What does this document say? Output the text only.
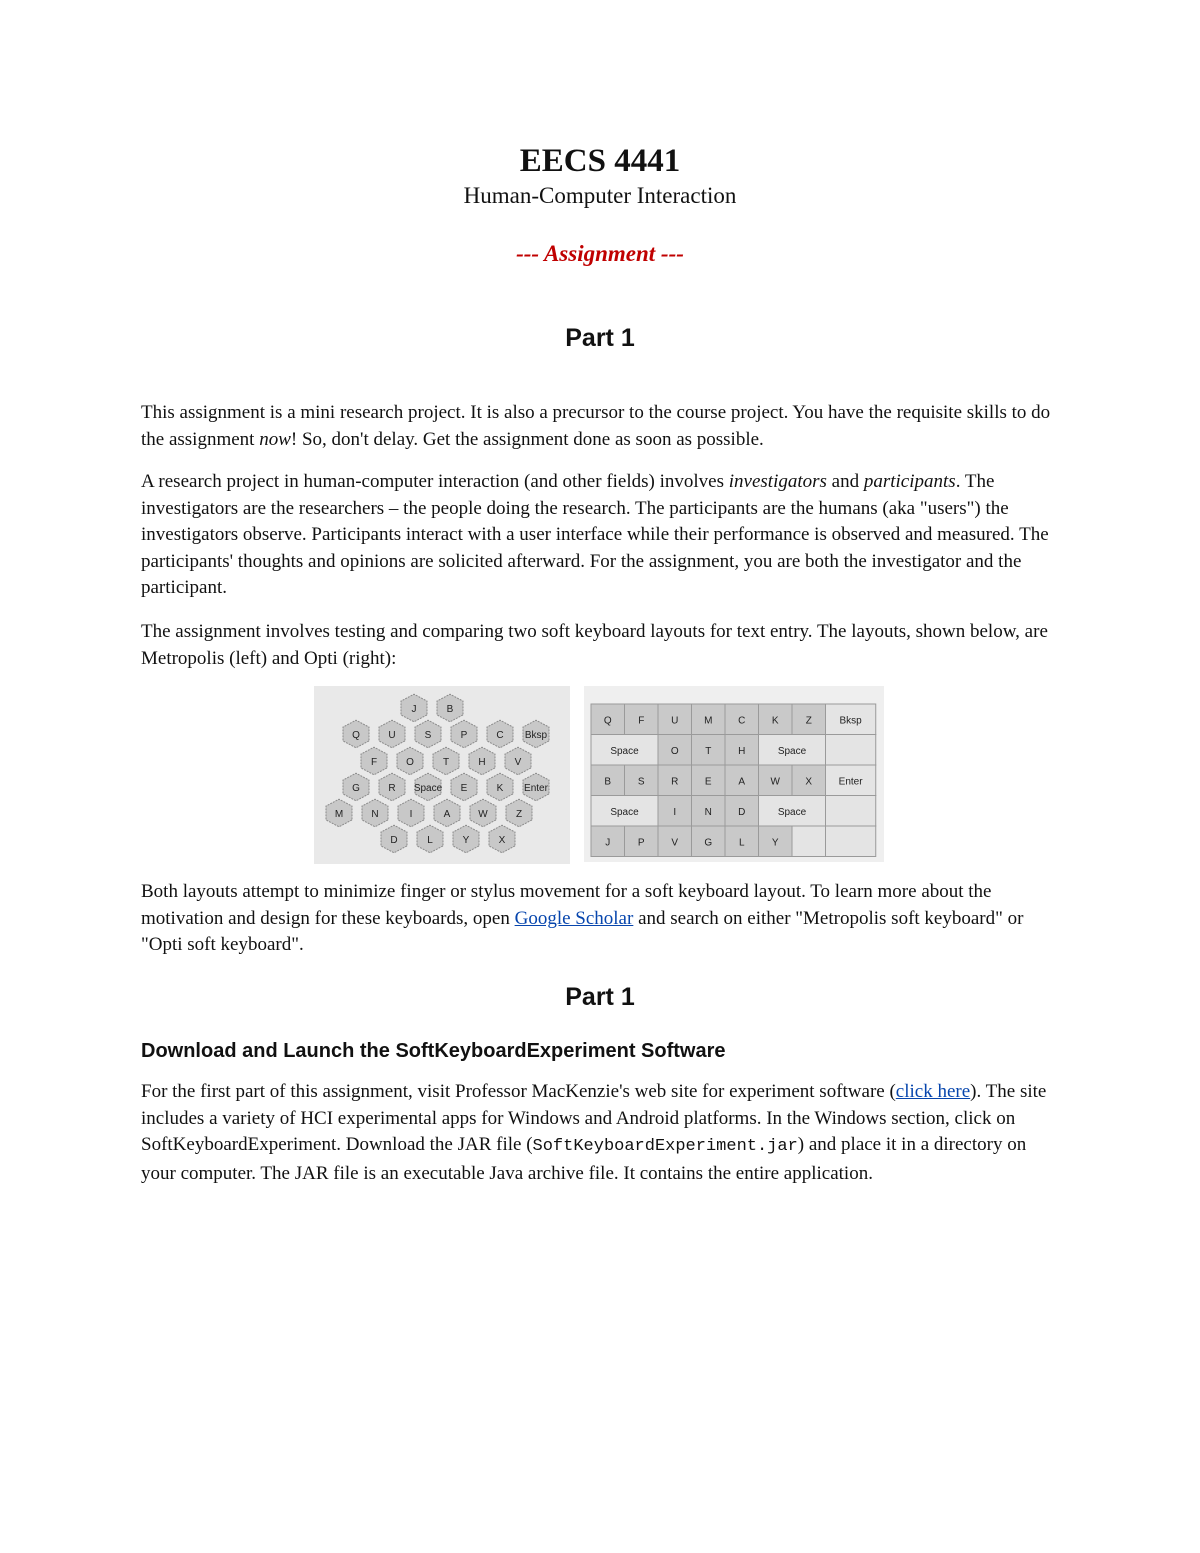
EECS 4441
Human-Computer Interaction
--- Assignment ---
Part 1

This assignment is a mini research project. It is also a precursor to the course project. You have the requisite skills to do the assignment now! So, don't delay. Get the assignment done as soon as possible.

A research project in human-computer interaction (and other fields) involves investigators and participants. The investigators are the researchers – the people doing the research. The participants are the humans (aka "users") the investigators observe. Participants interact with a user interface while their performance is observed and measured. The participants' thoughts and opinions are solicited afterward. For the assignment, you are both the investigator and the participant.

The assignment involves testing and comparing two soft keyboard layouts for text entry. The layouts, shown below, are Metropolis (left) and Opti (right):

J	B
Q	U	S	P	C Bksp
F	O	T	H	V
G	R Space E	K Enter
M	N	I	A	W	Z
D	L	Y	X
Q	F	U	M	C	K	Z	Bksp
Space	O	T	H	Space
B	S	R	E	A	W	X	Enter
Space	I	N	D	Space
J	P	V	G	L	Y

Both layouts attempt to minimize finger or stylus movement for a soft keyboard layout. To learn more about the motivation and design for these keyboards, open Google Scholar and search on either "Metropolis soft keyboard" or "Opti soft keyboard".

Part 1
Download and Launch the SoftKeyboardExperiment Software

For the first part of this assignment, visit Professor MacKenzie's web site for experiment software (click here). The site includes a variety of HCI experimental apps for Windows and Android platforms. In the Windows section, click on SoftKeyboardExperiment. Download the JAR file (SoftKeyboardExperiment.jar) and place it in a directory on your computer. The JAR file is an executable Java archive file. It contains the entire application.
